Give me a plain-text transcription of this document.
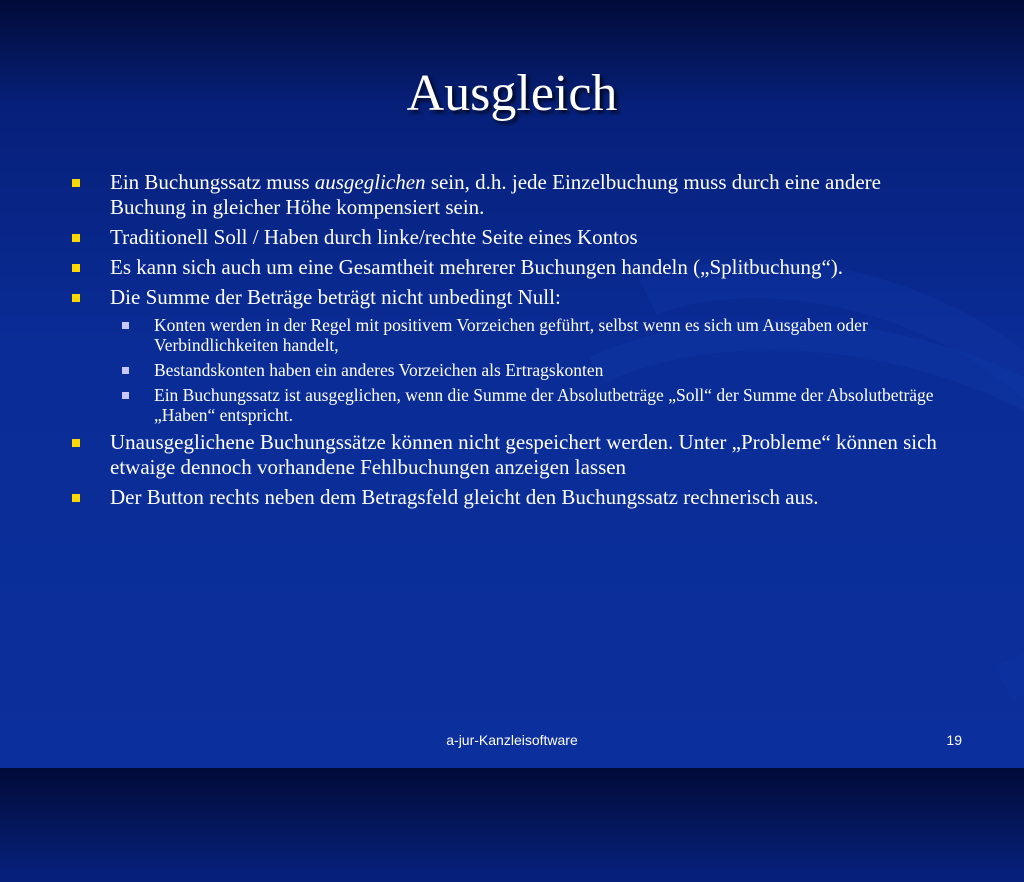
Ausgleich
Ein Buchungssatz muss ausgeglichen sein, d.h. jede Einzelbuchung muss durch eine andere Buchung in gleicher Höhe kompensiert sein.
Traditionell Soll / Haben durch linke/rechte Seite eines Kontos
Es kann sich auch um eine Gesamtheit mehrerer Buchungen handeln („Splitbuchung“).
Die Summe der Beträge beträgt nicht unbedingt Null:
Konten werden in der Regel mit positivem Vorzeichen geführt, selbst wenn es sich um Ausgaben oder Verbindlichkeiten handelt,
Bestandskonten haben ein anderes Vorzeichen als Ertragskonten
Ein Buchungssatz ist ausgeglichen, wenn die Summe der Absolutbeträge „Soll“ der Summe der Absolutbeträge „Haben“ entspricht.
Unausgeglichene Buchungssätze können nicht gespeichert werden. Unter „Probleme“ können sich etwaige dennoch vorhandene Fehlbuchungen anzeigen lassen
Der Button rechts neben dem Betragsfeld gleicht den Buchungssatz rechnerisch aus.
a-jur-Kanzleisoftware	19
